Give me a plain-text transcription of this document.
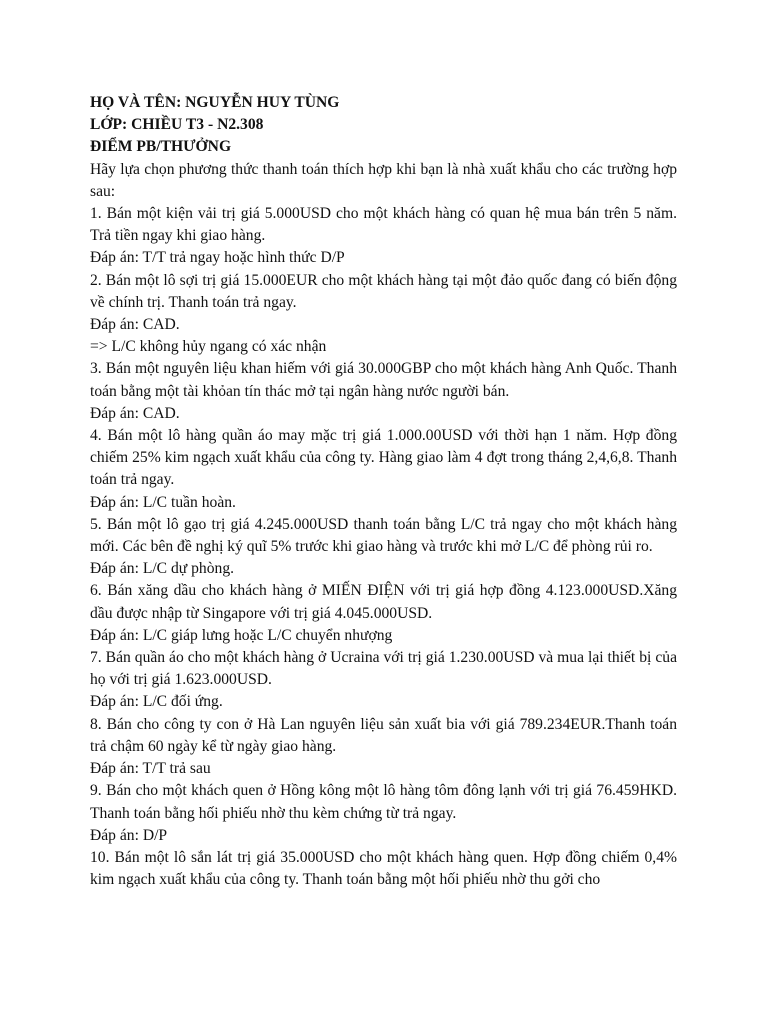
HỌ VÀ TÊN: NGUYỄN HUY TÙNG

LỚP: CHIỀU T3 - N2.308

ĐIỂM PB/THƯỞNG

Hãy lựa chọn phương thức thanh toán thích hợp khi bạn là nhà xuất khẩu cho các trường hợp sau:

1. Bán một kiện vải trị giá 5.000USD cho một khách hàng có quan hệ mua bán trên 5 năm. Trả tiền ngay khi giao hàng.

Đáp án: T/T trả ngay hoặc hình thức D/P

2. Bán một lô sợi trị giá 15.000EUR cho một khách hàng tại một đảo quốc đang có biến động về chính trị. Thanh toán trả ngay.

Đáp án: CAD.

=> L/C không hủy ngang có xác nhận

3. Bán một nguyên liệu khan hiếm với giá 30.000GBP cho một khách hàng Anh Quốc. Thanh toán bằng một tài khỏan tín thác mở tại ngân hàng nước người bán.

Đáp án: CAD.

4. Bán một lô hàng quần áo may mặc trị giá 1.000.00USD với thời hạn 1 năm. Hợp đồng chiếm 25% kim ngạch xuất khẩu của công ty. Hàng giao làm 4 đợt trong tháng 2,4,6,8. Thanh toán trả ngay.

Đáp án: L/C tuần hoàn.

5. Bán một lô gạo trị giá 4.245.000USD thanh toán bằng L/C trả ngay cho một khách hàng mới. Các bên đề nghị ký quĩ 5% trước khi giao hàng và trước khi mở L/C để phòng rủi ro.

Đáp án: L/C dự phòng.

6. Bán xăng dầu cho khách hàng ở MIẾN ĐIỆN với trị giá hợp đồng 4.123.000USD.Xăng dầu được nhập từ Singapore với trị giá 4.045.000USD.

Đáp án: L/C giáp lưng hoặc L/C chuyển nhượng

7. Bán quần áo cho một khách hàng ở Ucraina với trị giá 1.230.00USD và mua lại thiết bị của họ với trị giá 1.623.000USD.

Đáp án: L/C đối ứng.

8. Bán cho công ty con ở Hà Lan nguyên liệu sản xuất bia với giá 789.234EUR.Thanh toán trả chậm 60 ngày kể từ ngày giao hàng.

Đáp án: T/T trả sau

9. Bán cho một khách quen ở Hồng kông một lô hàng tôm đông lạnh với trị giá 76.459HKD. Thanh toán bằng hối phiếu nhờ thu kèm chứng từ trả ngay.

Đáp án: D/P

10. Bán một lô sắn lát trị giá 35.000USD cho một khách hàng quen. Hợp đồng chiếm 0,4% kim ngạch xuất khẩu của công ty. Thanh toán bằng một hối phiếu nhờ thu gởi cho
